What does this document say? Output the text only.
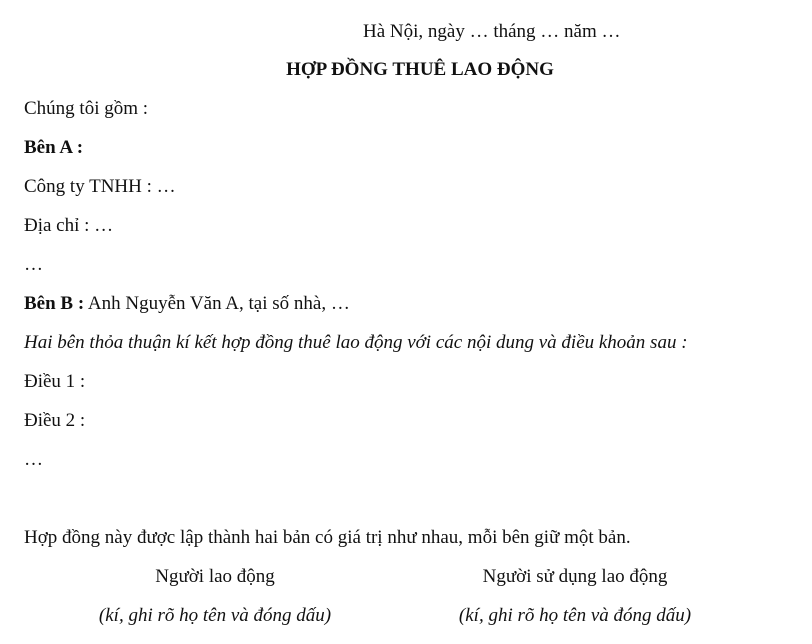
Hà Nội, ngày … tháng … năm …
HỢP ĐỒNG THUÊ LAO ĐỘNG
Chúng tôi gồm :
Bên A :
Công ty TNHH : …
Địa chỉ : …
…
Bên B : Anh Nguyễn Văn A, tại số nhà, …
Hai bên thỏa thuận kí kết hợp đồng thuê lao động với các nội dung và điều khoản sau :
Điều 1 :
Điều 2 :
…
Hợp đồng này được lập thành hai bản có giá trị như nhau, mỗi bên giữ một bản.
Người lao động	Người sử dụng lao động
(kí, ghi rõ họ tên và đóng dấu)	(kí, ghi rõ họ tên và đóng dấu)
